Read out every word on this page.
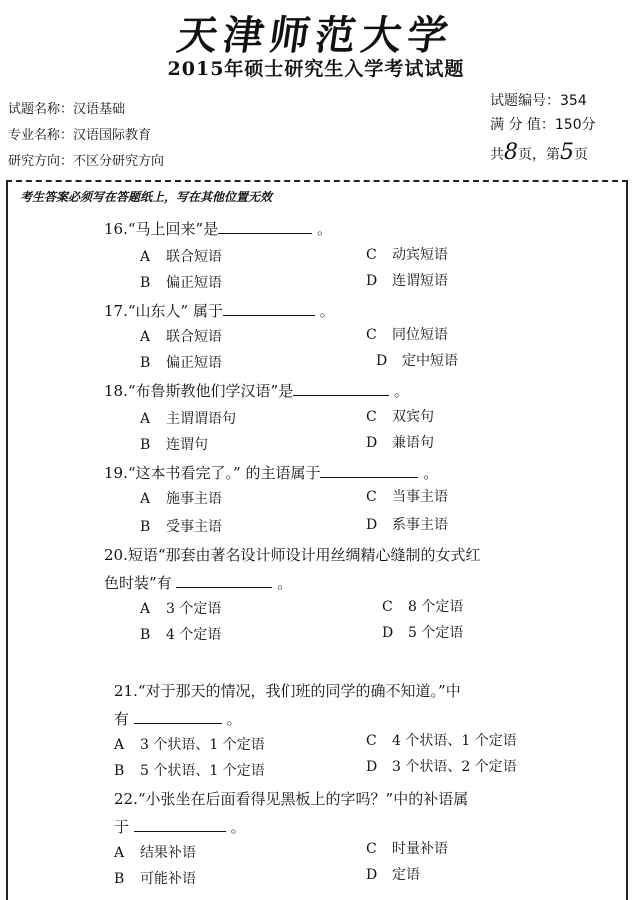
天津师范大学
2015年硕士研究生入学考试试题
试题名称：汉语基础
专业名称：汉语国际教育
研究方向：不区分研究方向
试题编号：354
满 分 值：150分
共8页，第5页
考生答案必须写在答题纸上，写在其他位置无效
16.“马上回来”是	。
A 联合短语	C 动宾短语
B 偏正短语	D 连谓短语
17.“山东人” 属于	。
A 联合短语	C 同位短语
B 偏正短语	D 定中短语
18.“布鲁斯教他们学汉语”是	。
A 主谓谓语句	C 双宾句
B 连谓句	D 兼语句
19.“这本书看完了。” 的主语属于	。
A 施事主语	C 当事主语
B 受事主语	D 系事主语
20.短语“那套由著名设计师设计用丝绸精心缝制的女式红
色时装”有	。
A 3 个定语	C 8 个定语
B 4 个定语	D 5 个定语
21.“对于那天的情况，我们班的同学的确不知道。”中
有	。
A 3 个状语、1 个定语	C 4 个状语、1 个定语
B 5 个状语、1 个定语	D 3 个状语、2 个定语
22.“小张坐在后面看得见黑板上的字吗？”中的补语属
于	。
A 结果补语	C 时量补语
B 可能补语	D 定语
